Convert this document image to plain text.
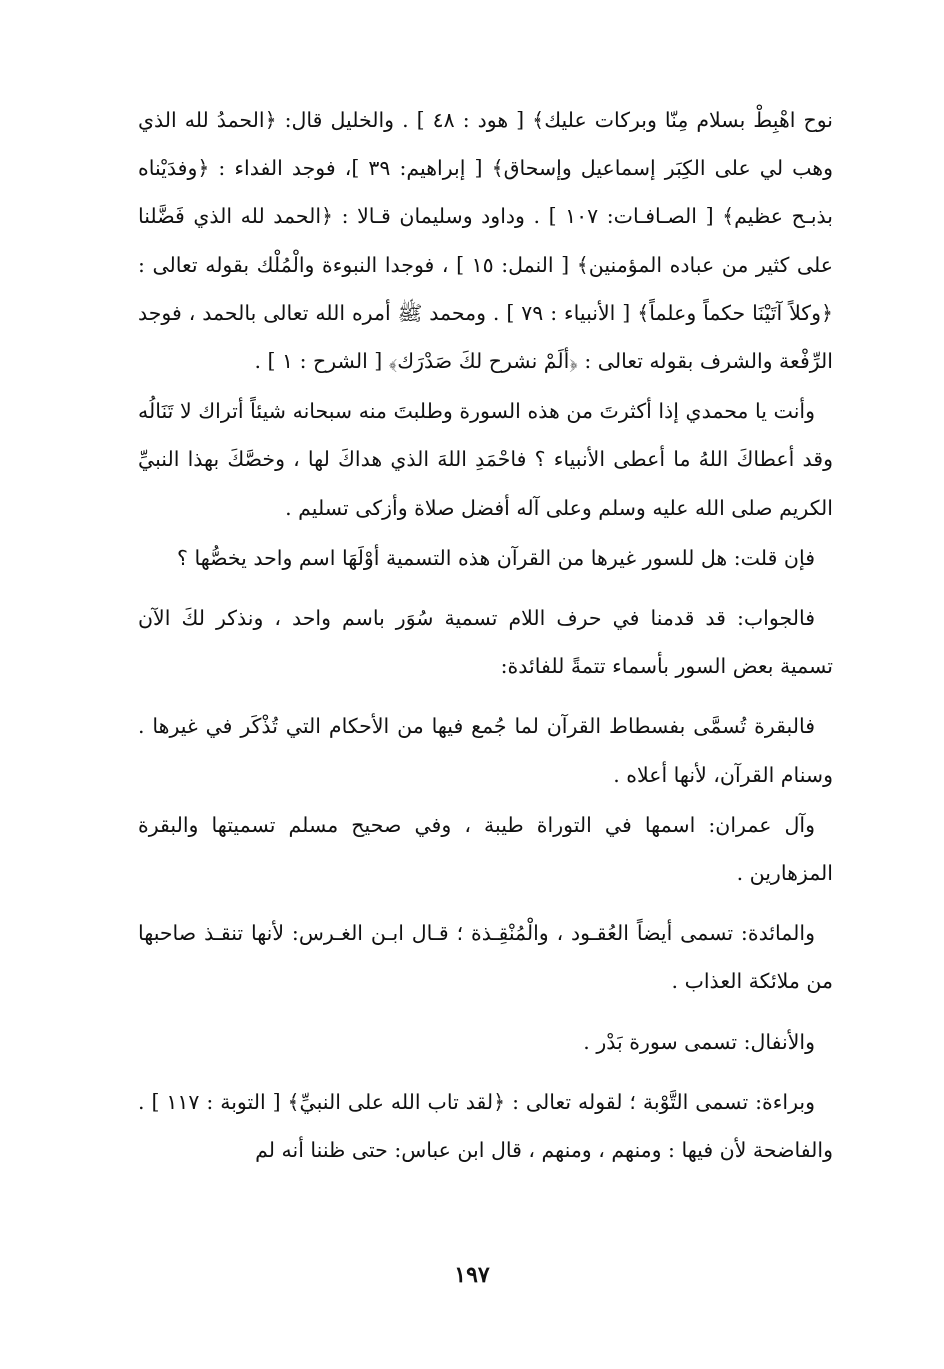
نوح اهْبِطْ بسلام مِنّا وبركات عليك﴾ [ هود : ٤٨ ] . والخليل قال: ﴿الحمدُ لله الذي وهب لي على الكِبَر إسماعيل وإسحاق﴾ [ إبراهيم: ٣٩ ]، فوجد الفداء : ﴿وفدَيْناه بذبـح عظيم﴾ [ الصـافـات: ١٠٧ ] . وداود وسليمان قـالا : ﴿الحمد لله الذي فَضَّلنا على كثير من عباده المؤمنين﴾ [ النمل: ١٥ ] ، فوجدا النبوءة والْمُلْك بقوله تعالى : ﴿وكلاً آتَيْنَا حكماً وعلماً﴾ [ الأنبياء : ٧٩ ] . ومحمد ﷺ أمره الله تعالى بالحمد ، فوجد الرِّفْعة والشرف بقوله تعالى : ﴿ألَمْ نشرح لكَ صَدْرَك﴾ [ الشرح : ١ ] .

وأنت يا محمدي إذا أكثرتَ من هذه السورة وطلبتَ منه سبحانه شيئاً أتراك لا تَنَالُه وقد أعطاكَ اللهُ ما أعطى الأنبياء ؟ فاحْمَدِ اللهَ الذي هداكَ لها ، وخصَّكَ بهذا النبيِّ الكريم صلى الله عليه وسلم وعلى آله أفضل صلاة وأزكى تسليم .

فإن قلت: هل للسور غيرها من القرآن هذه التسمية أوْلَهَا اسم واحد يخصُّها ؟

فالجواب: قد قدمنا في حرف اللام تسمية سُوَر باسم واحد ، ونذكر لكَ الآن تسمية بعض السور بأسماء تتمةً للفائدة:

فالبقرة تُسمَّى بفسطاط القرآن لما جُمع فيها من الأحكام التي تُذْكَر في غيرها . وسنام القرآن، لأنها أعلاه .

وآل عمران: اسمها في التوراة طيبة ، وفي صحيح مسلم تسميتها والبقرة المزهارين .

والمائدة: تسمى أيضاً العُقـود ، والْمُنْقِـذة ؛ قـال ابـن الغـرس: لأنها تنقـذ صاحبها من ملائكة العذاب .

والأنفال: تسمى سورة بَدْر .

وبراءة: تسمى التَّوْبة ؛ لقوله تعالى : ﴿لقد تاب الله على النبيِّ﴾ [ التوبة : ١١٧ ] . والفاضحة لأن فيها : ومنهم ، ومنهم ، قال ابن عباس: حتى ظننا أنه لم

١٩٧
